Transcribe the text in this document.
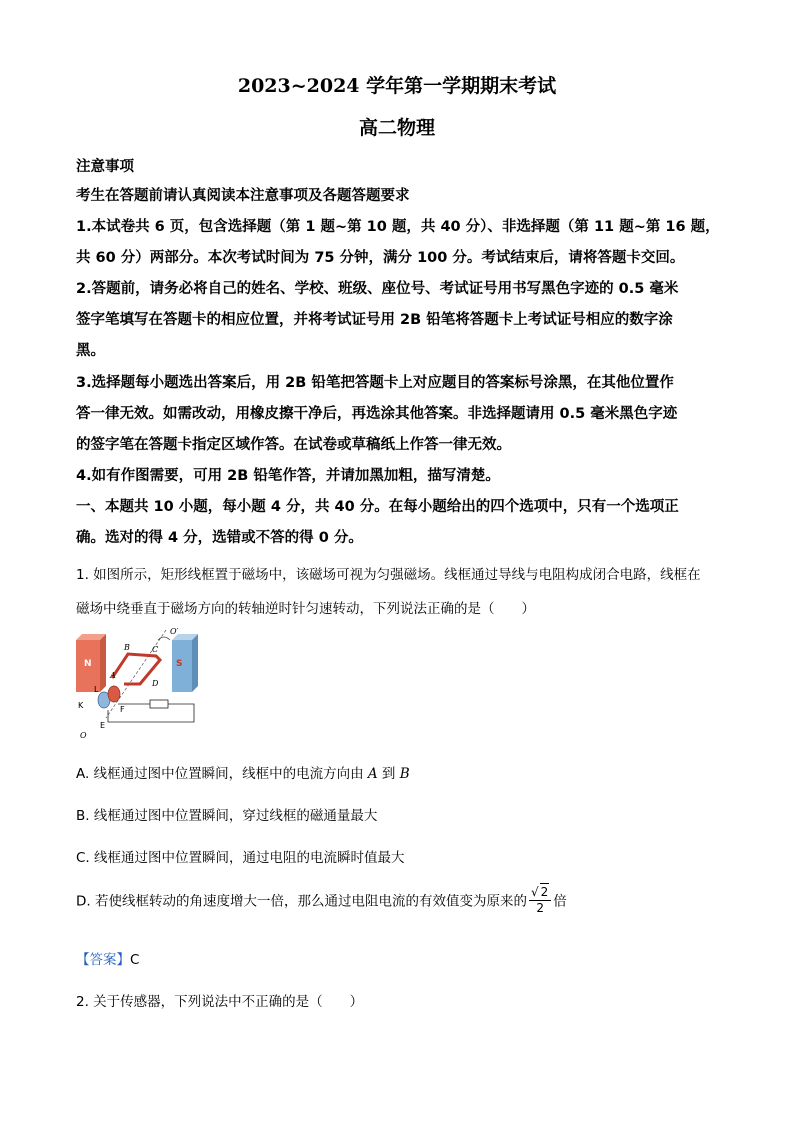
2023~2024 学年第一学期期末考试
高二物理
注意事项
考生在答题前请认真阅读本注意事项及各题答题要求
1.本试卷共 6 页，包含选择题（第 1 题~第 10 题，共 40 分）、非选择题（第 11 题~第 16 题，
共 60 分）两部分。本次考试时间为 75 分钟，满分 100 分。考试结束后，请将答题卡交回。
2.答题前，请务必将自己的姓名、学校、班级、座位号、考试证号用书写黑色字迹的 0.5 毫米
签字笔填写在答题卡的相应位置，并将考试证号用 2B 铅笔将答题卡上考试证号相应的数字涂
黑。
3.选择题每小题选出答案后，用 2B 铅笔把答题卡上对应题目的答案标号涂黑，在其他位置作
答一律无效。如需改动，用橡皮擦干净后，再选涂其他答案。非选择题请用 0.5 毫米黑色字迹
的签字笔在答题卡指定区域作答。在试卷或草稿纸上作答一律无效。
4.如有作图需要，可用 2B 铅笔作答，并请加黑加粗，描写清楚。
一、本题共 10 小题，每小题 4 分，共 40 分。在每小题给出的四个选项中，只有一个选项正
确。选对的得 4 分，选错或不答的得 0 分。
1. 如图所示，矩形线框置于磁场中，该磁场可视为匀强磁场。线框通过导线与电阻构成闭合电路，线框在
磁场中绕垂直于磁场方向的转轴逆时针匀速转动，下列说法正确的是（　　）
N	S
O′
B	C
A
D
L
K	F
E
O
A. 线框通过图中位置瞬间，线框中的电流方向由 A 到 B
B. 线框通过图中位置瞬间，穿过线框的磁通量最大
C. 线框通过图中位置瞬间，通过电阻的电流瞬时值最大
D. 若使线框转动的角速度增大一倍，那么通过电阻电流的有效值变为原来的 $\frac{√ 2}{2}$ 倍
【答案】C
2. 关于传感器，下列说法中不正确的是（　　）
